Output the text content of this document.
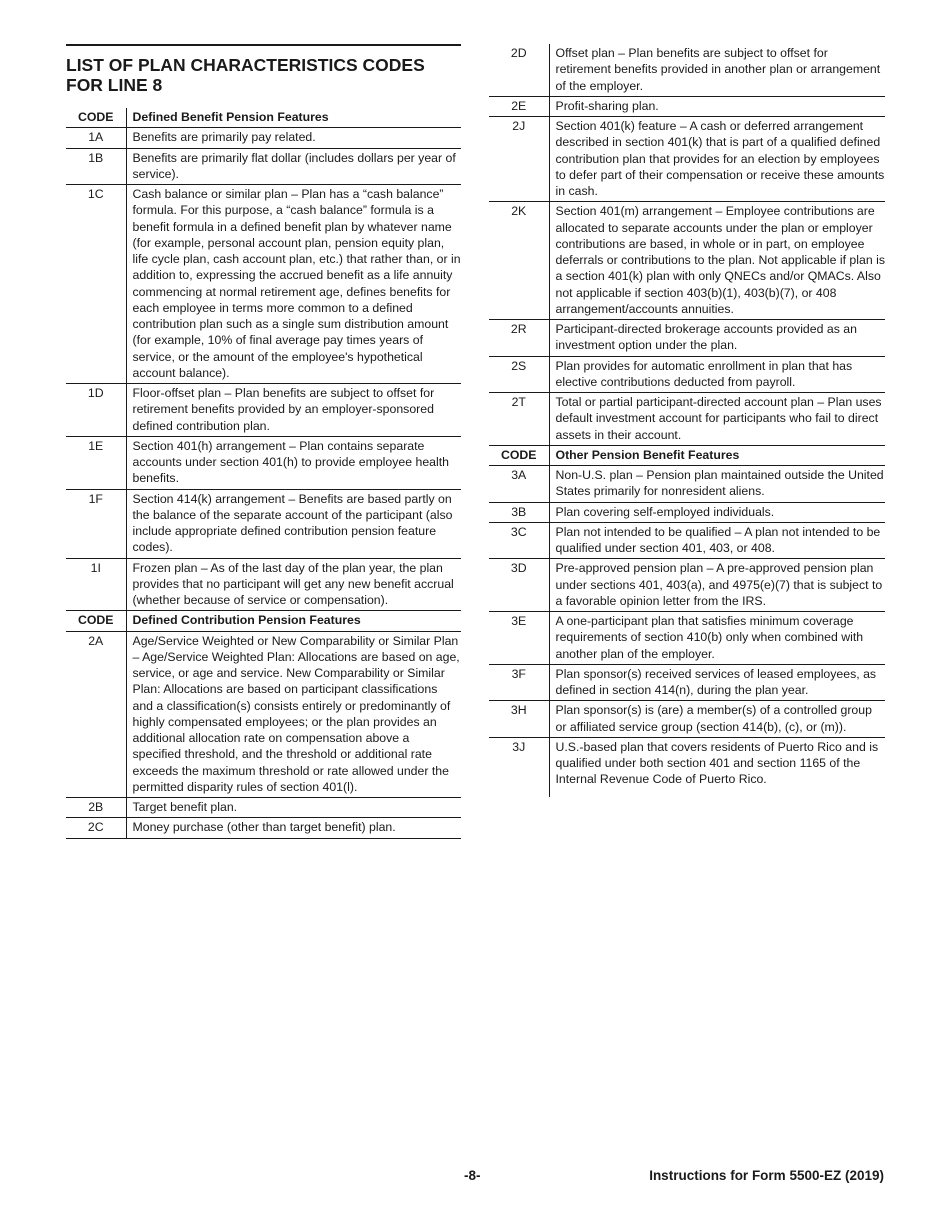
LIST OF PLAN CHARACTERISTICS CODES FOR LINE 8
CODE	Defined Benefit Pension Features
1A	Benefits are primarily pay related.
1B	Benefits are primarily flat dollar (includes dollars per year of service).
1C	Cash balance or similar plan – Plan has a “cash balance” formula. For this purpose, a “cash balance” formula is a benefit formula in a defined benefit plan by whatever name (for example, personal account plan, pension equity plan, life cycle plan, cash account plan, etc.) that rather than, or in addition to, expressing the accrued benefit as a life annuity commencing at normal retirement age, defines benefits for each employee in terms more common to a defined contribution plan such as a single sum distribution amount (for example, 10% of final average pay times years of service, or the amount of the employee's hypothetical account balance).
1D	Floor-offset plan – Plan benefits are subject to offset for retirement benefits provided by an employer-sponsored defined contribution plan.
1E	Section 401(h) arrangement – Plan contains separate accounts under section 401(h) to provide employee health benefits.
1F	Section 414(k) arrangement – Benefits are based partly on the balance of the separate account of the participant (also include appropriate defined contribution pension feature codes).
1I	Frozen plan – As of the last day of the plan year, the plan provides that no participant will get any new benefit accrual (whether because of service or compensation).
CODE	Defined Contribution Pension Features
2A	Age/Service Weighted or New Comparability or Similar Plan – Age/Service Weighted Plan: Allocations are based on age, service, or age and service. New Comparability or Similar Plan: Allocations are based on participant classifications and a classification(s) consists entirely or predominantly of highly compensated employees; or the plan provides an additional allocation rate on compensation above a specified threshold, and the threshold or additional rate exceeds the maximum threshold or rate allowed under the permitted disparity rules of section 401(l).
2B	Target benefit plan.
2C	Money purchase (other than target benefit) plan.
2D	Offset plan – Plan benefits are subject to offset for retirement benefits provided in another plan or arrangement of the employer.
2E	Profit-sharing plan.
2J	Section 401(k) feature – A cash or deferred arrangement described in section 401(k) that is part of a qualified defined contribution plan that provides for an election by employees to defer part of their compensation or receive these amounts in cash.
2K	Section 401(m) arrangement – Employee contributions are allocated to separate accounts under the plan or employer contributions are based, in whole or in part, on employee deferrals or contributions to the plan. Not applicable if plan is a section 401(k) plan with only QNECs and/or QMACs. Also not applicable if section 403(b)(1), 403(b)(7), or 408 arrangement/accounts annuities.
2R	Participant-directed brokerage accounts provided as an investment option under the plan.
2S	Plan provides for automatic enrollment in plan that has elective contributions deducted from payroll.
2T	Total or partial participant-directed account plan – Plan uses default investment account for participants who fail to direct assets in their account.
CODE	Other Pension Benefit Features
3A	Non-U.S. plan – Pension plan maintained outside the United States primarily for nonresident aliens.
3B	Plan covering self-employed individuals.
3C	Plan not intended to be qualified – A plan not intended to be qualified under section 401, 403, or 408.
3D	Pre-approved pension plan – A pre-approved pension plan under sections 401, 403(a), and 4975(e)(7) that is subject to a favorable opinion letter from the IRS.
3E	A one-participant plan that satisfies minimum coverage requirements of section 410(b) only when combined with another plan of the employer.
3F	Plan sponsor(s) received services of leased employees, as defined in section 414(n), during the plan year.
3H	Plan sponsor(s) is (are) a member(s) of a controlled group or affiliated service group (section 414(b), (c), or (m)).
3J	U.S.-based plan that covers residents of Puerto Rico and is qualified under both section 401 and section 1165 of the Internal Revenue Code of Puerto Rico.
-8-	Instructions for Form 5500-EZ (2019)
